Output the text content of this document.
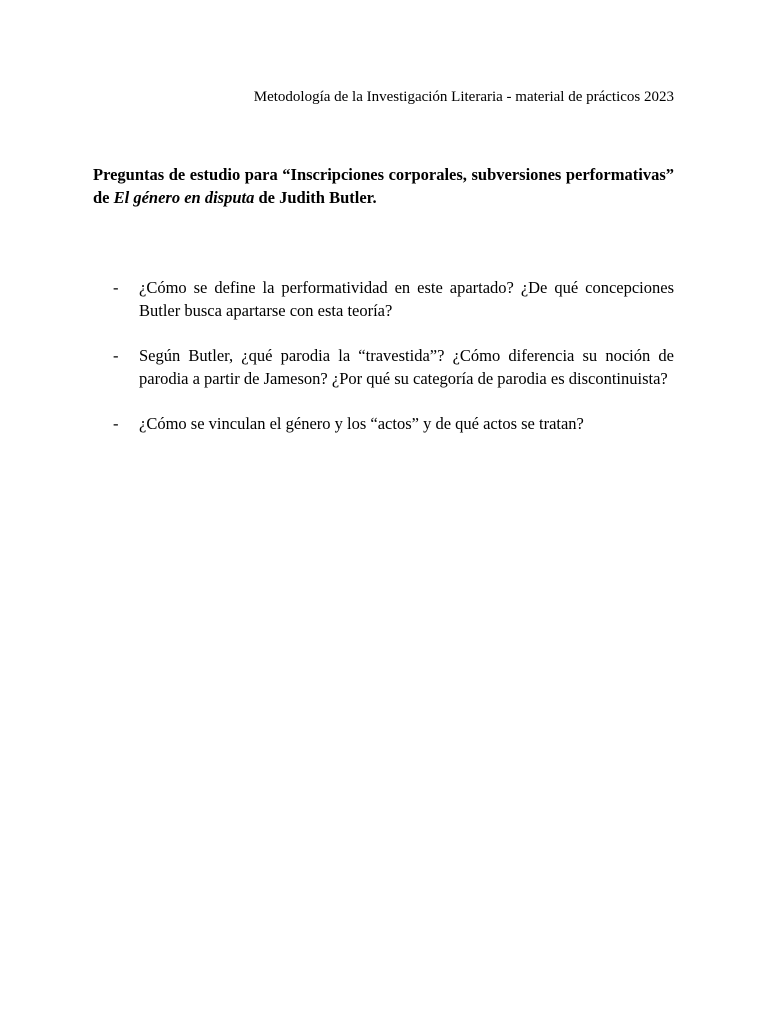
Metodología de la Investigación Literaria - material de prácticos 2023
Preguntas de estudio para “Inscripciones corporales, subversiones performativas” de El género en disputa de Judith Butler.
- ¿Cómo se define la performatividad en este apartado? ¿De qué concepciones Butler busca apartarse con esta teoría?
- Según Butler, ¿qué parodia la “travestida”? ¿Cómo diferencia su noción de parodia a partir de Jameson? ¿Por qué su categoría de parodia es discontinuista?
- ¿Cómo se vinculan el género y los “actos” y de qué actos se tratan?
